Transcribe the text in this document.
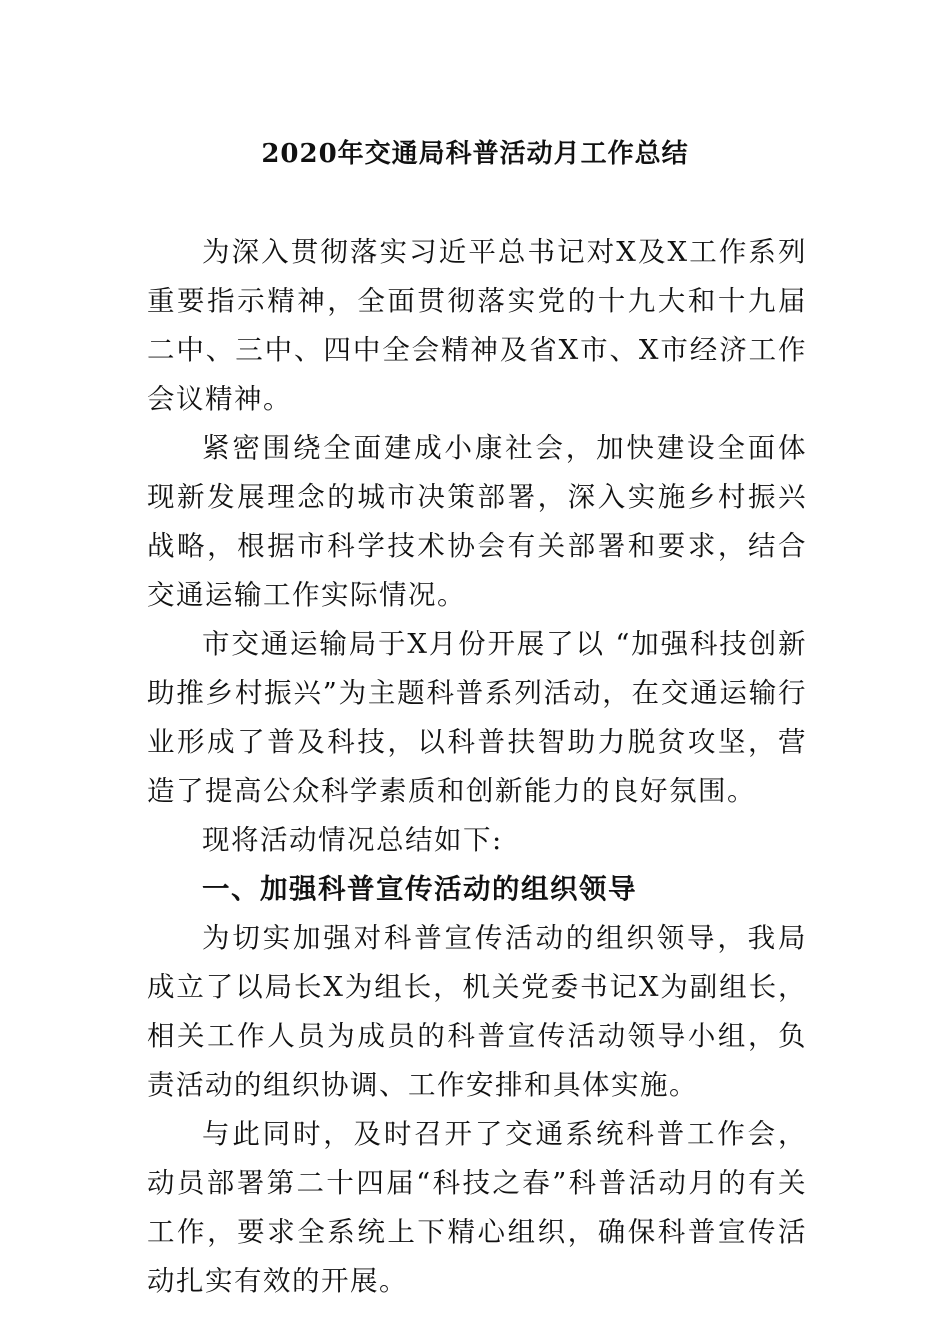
2020年交通局科普活动月工作总结

为深入贯彻落实习近平总书记对X及X工作系列重要指示精神，全面贯彻落实党的十九大和十九届二中、三中、四中全会精神及省X市、X市经济工作会议精神。

紧密围绕全面建成小康社会，加快建设全面体现新发展理念的城市决策部署，深入实施乡村振兴战略，根据市科学技术协会有关部署和要求，结合交通运输工作实际情况。

市交通运输局于X月份开展了以 “加强科技创新 助推乡村振兴”为主题科普系列活动，在交通运输行业形成了普及科技，以科普扶智助力脱贫攻坚，营造了提高公众科学素质和创新能力的良好氛围。

现将活动情况总结如下:

一、加强科普宣传活动的组织领导

为切实加强对科普宣传活动的组织领导，我局成立了以局长X为组长，机关党委书记X为副组长，相关工作人员为成员的科普宣传活动领导小组，负责活动的组织协调、工作安排和具体实施。

与此同时，及时召开了交通系统科普工作会，动员部署第二十四届“科技之春”科普活动月的有关工作，要求全系统上下精心组织，确保科普宣传活动扎实有效的开展。
